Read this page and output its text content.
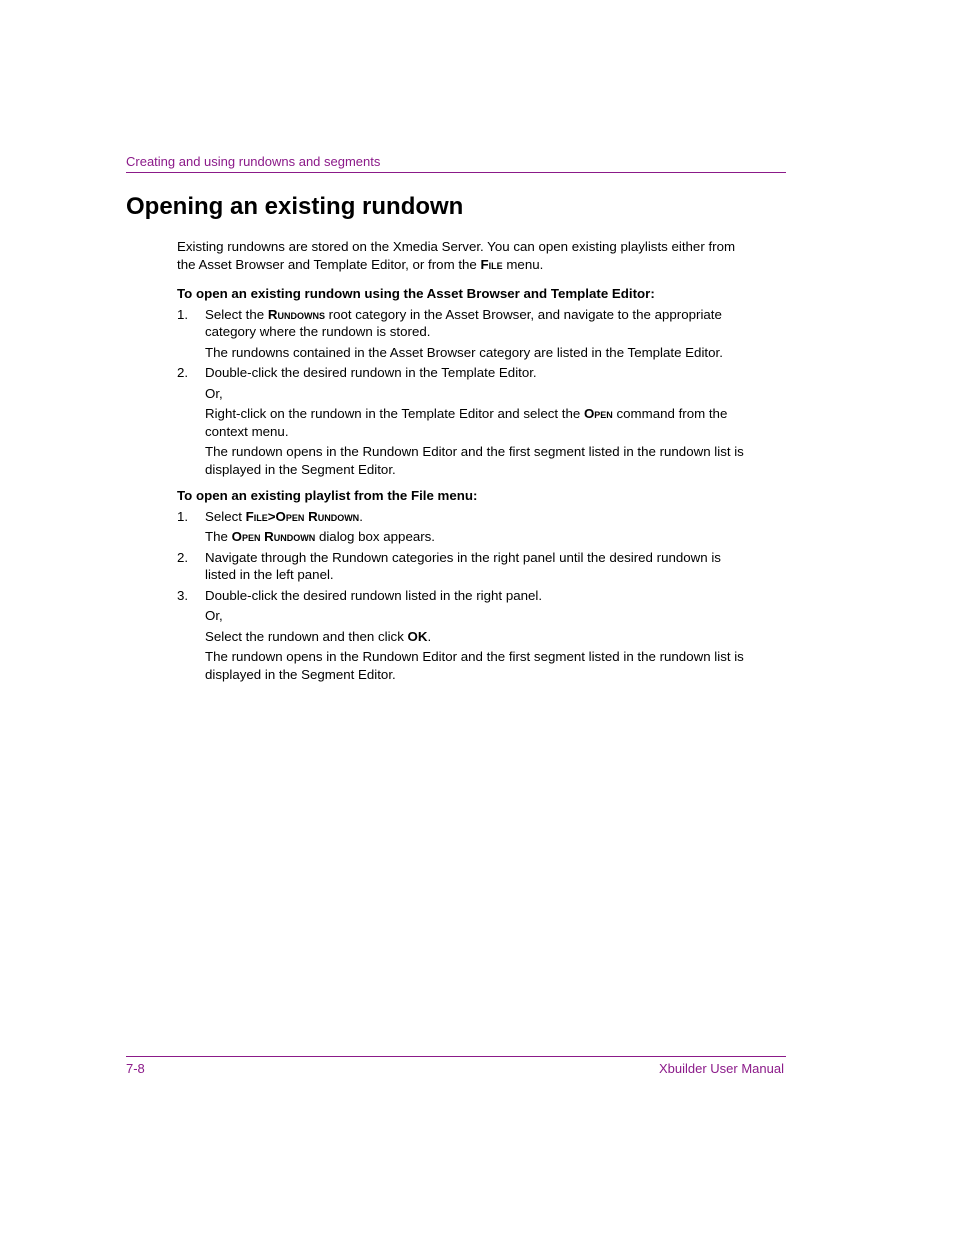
Creating and using rundowns and segments
Opening an existing rundown

Existing rundowns are stored on the Xmedia Server. You can open existing playlists either from the Asset Browser and Template Editor, or from the File menu.

To open an existing rundown using the Asset Browser and Template Editor:

1.	Select the Rundowns root category in the Asset Browser, and navigate to the appropriate category where the rundown is stored.

The rundowns contained in the Asset Browser category are listed in the Template Editor.

2.	Double-click the desired rundown in the Template Editor.

Or,

Right-click on the rundown in the Template Editor and select the Open command from the context menu.

The rundown opens in the Rundown Editor and the first segment listed in the rundown list is displayed in the Segment Editor.

To open an existing playlist from the File menu:

1.	Select File>Open Rundown.

The Open Rundown dialog box appears.

2.	Navigate through the Rundown categories in the right panel until the desired rundown is listed in the left panel.
3.	Double-click the desired rundown listed in the right panel.

Or,

Select the rundown and then click OK.

The rundown opens in the Rundown Editor and the first segment listed in the rundown list is displayed in the Segment Editor.

7-8	Xbuilder User Manual
